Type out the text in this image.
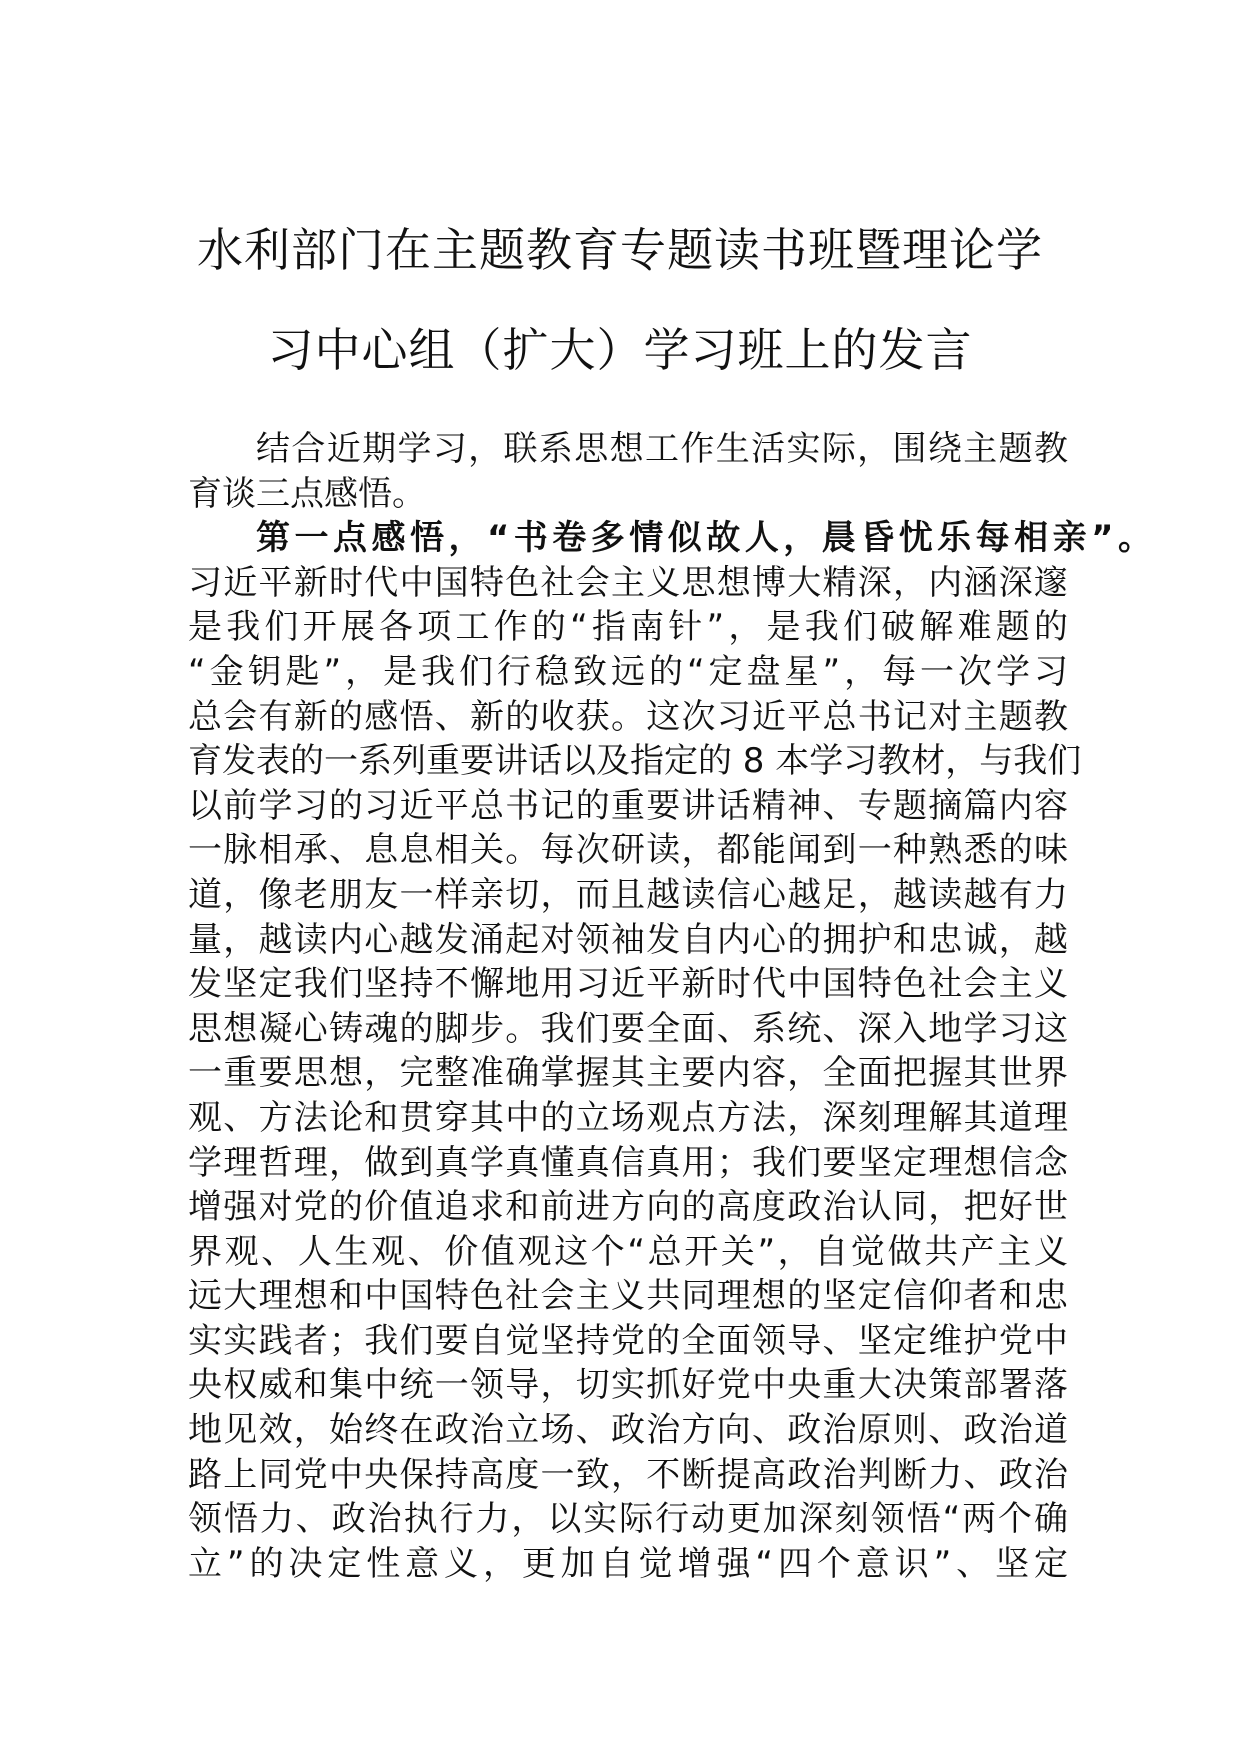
水利部门在主题教育专题读书班暨理论学
习中心组（扩大）学习班上的发言
结合近期学习，联系思想工作生活实际，围绕主题教
育谈三点感悟。
第一点感悟，“书卷多情似故人，晨昏忧乐每相亲”。
习近平新时代中国特色社会主义思想博大精深，内涵深邃
是我们开展各项工作的“指南针”，是我们破解难题的
“金钥匙”，是我们行稳致远的“定盘星”，每一次学习
总会有新的感悟、新的收获。这次习近平总书记对主题教
育发表的一系列重要讲话以及指定的 8 本学习教材，与我们
以前学习的习近平总书记的重要讲话精神、专题摘篇内容
一脉相承、息息相关。每次研读，都能闻到一种熟悉的味
道，像老朋友一样亲切，而且越读信心越足，越读越有力
量，越读内心越发涌起对领袖发自内心的拥护和忠诚，越
发坚定我们坚持不懈地用习近平新时代中国特色社会主义
思想凝心铸魂的脚步。我们要全面、系统、深入地学习这
一重要思想，完整准确掌握其主要内容，全面把握其世界
观、方法论和贯穿其中的立场观点方法，深刻理解其道理
学理哲理，做到真学真懂真信真用；我们要坚定理想信念
增强对党的价值追求和前进方向的高度政治认同，把好世
界观、人生观、价值观这个“总开关”，自觉做共产主义
远大理想和中国特色社会主义共同理想的坚定信仰者和忠
实实践者；我们要自觉坚持党的全面领导、坚定维护党中
央权威和集中统一领导，切实抓好党中央重大决策部署落
地见效，始终在政治立场、政治方向、政治原则、政治道
路上同党中央保持高度一致，不断提高政治判断力、政治
领悟力、政治执行力，以实际行动更加深刻领悟“两个确
立”的决定性意义，更加自觉增强“四个意识”、坚定
